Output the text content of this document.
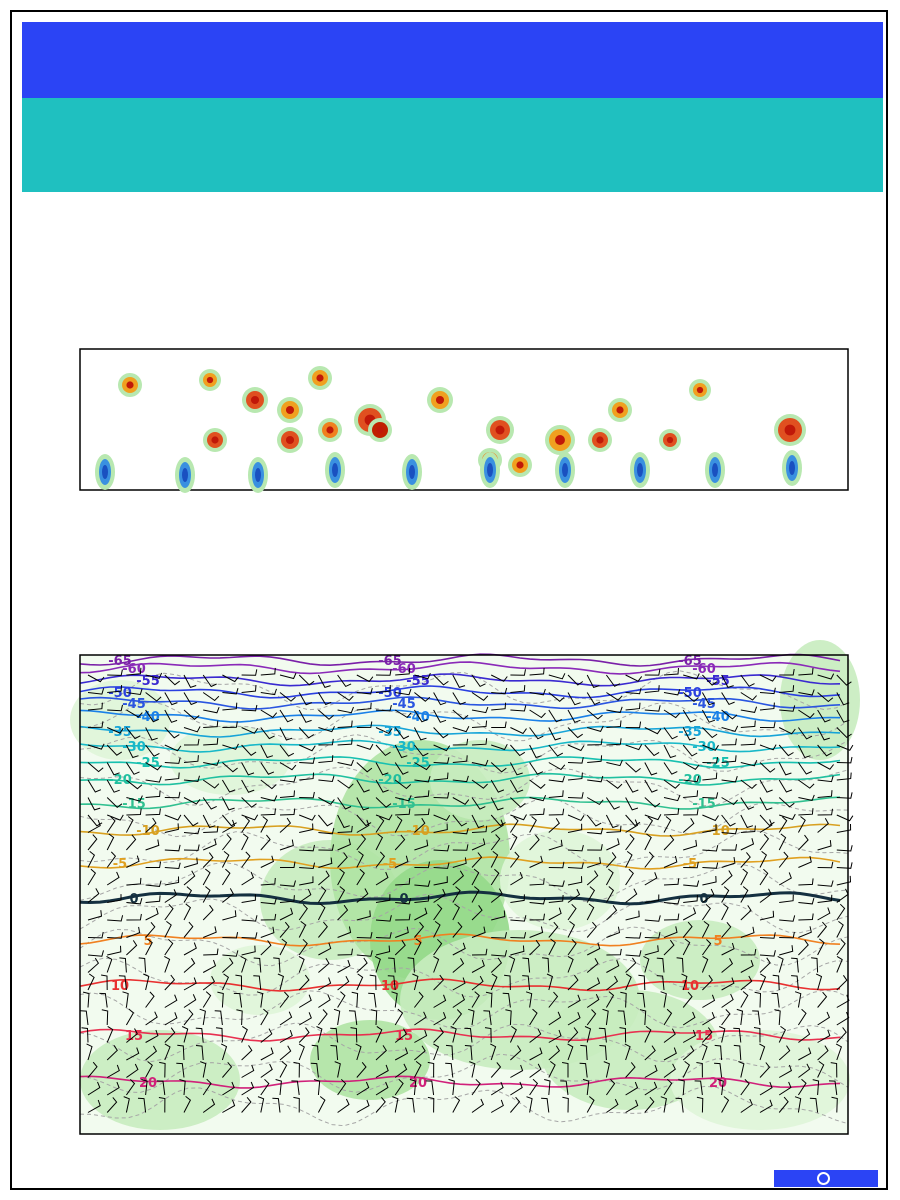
-65	-65	-65
-60	-60	-60
-55	-55	-55
-50	-50	-50
-45	-45	-45
-40	-40	-40
-35	-35	-35
-30	-30	-30
-25	-25	-25
-20	-20	-20
-15	-15	-15
-10	-10	-10
-5	-5	-5
0	0	0
5	5	5
10	10	10
15	15	15
20	20	20
